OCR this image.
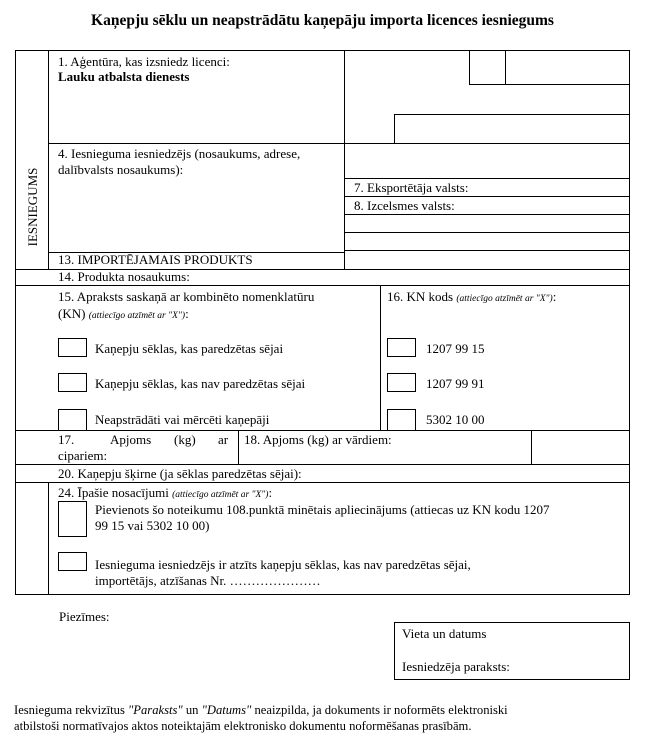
Kaņepju sēklu un neapstrādātu kaņepāju importa licences iesniegums
IESNIEGUMS
1. Aģentūra, kas izsniedz licenci:
Lauku atbalsta dienests
4. Iesnieguma iesniedzējs (nosaukums, adrese,
dalībvalsts nosaukums):
7. Eksportētāja valsts:
8. Izcelsmes valsts:
13. IMPORTĒJAMAIS PRODUKTS
14. Produkta nosaukums:
15. Apraksts saskaņā ar kombinēto nomenklatūru
(KN) (attiecīgo atzīmēt ar "X"):
16. KN kods (attiecīgo atzīmēt ar "X"):
Kaņepju sēklas, kas paredzētas sējai	1207 99 15
Kaņepju sēklas, kas nav paredzētas sējai	1207 99 91
Neapstrādāti vai mērcēti kaņepāji	5302 10 00
17.	Apjoms (kg) ar
cipariem:
18. Apjoms (kg) ar vārdiem:
20. Kaņepju šķirne (ja sēklas paredzētas sējai):
24. Īpašie nosacījumi (attiecīgo atzīmēt ar "X"):
Pievienots šo noteikumu 108.punktā minētais apliecinājums (attiecas uz KN kodu 1207
99 15 vai 5302 10 00)
Iesnieguma iesniedzējs ir atzīts kaņepju sēklas, kas nav paredzētas sējai,
importētājs, atzīšanas Nr. …………………
Piezīmes:
Vieta un datums
Iesniedzēja paraksts:
Iesnieguma rekvizītus "Paraksts" un "Datums" neaizpilda, ja dokuments ir noformēts elektroniski
atbilstoši normatīvajos aktos noteiktajām elektronisko dokumentu noformēšanas prasībām.
